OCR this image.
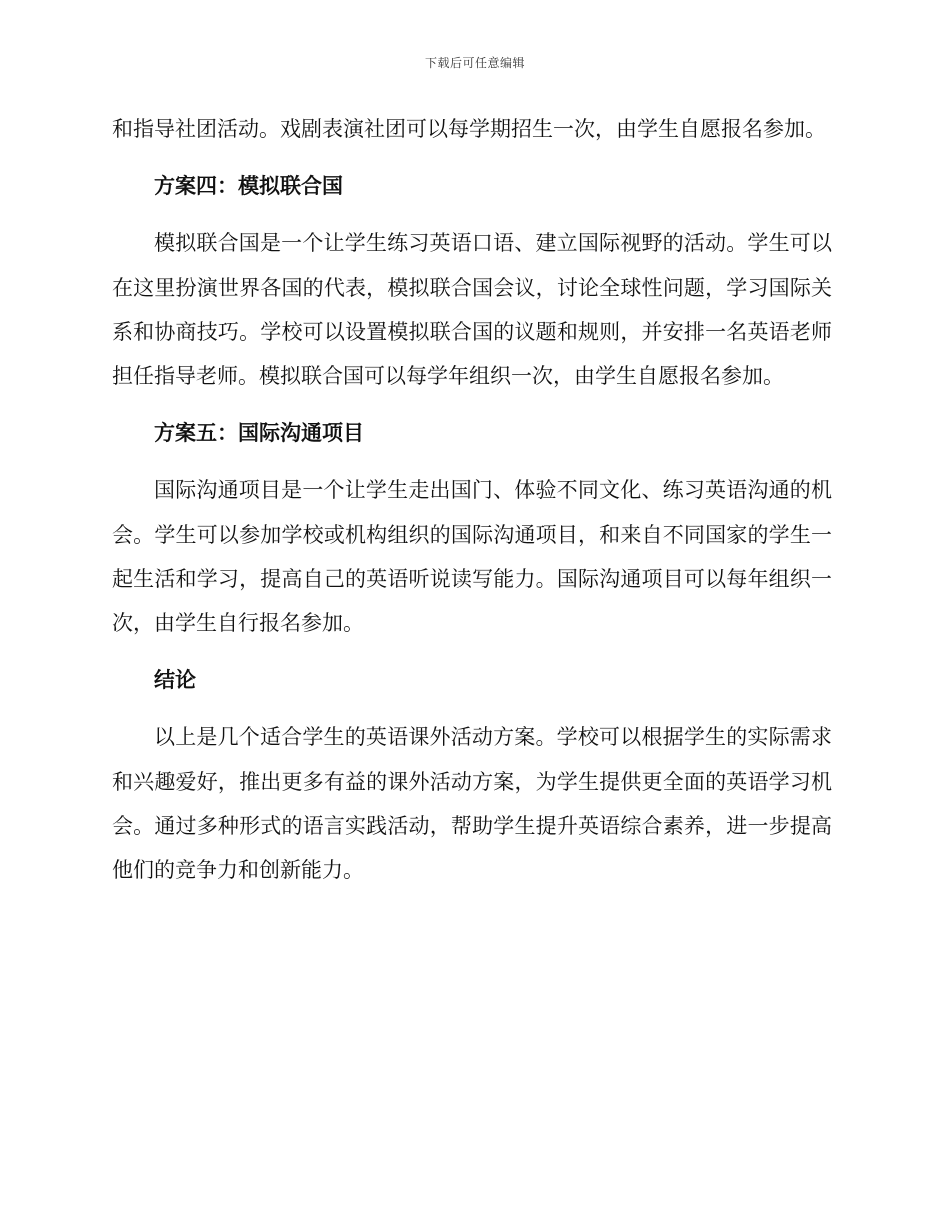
下载后可任意编辑

和指导社团活动。戏剧表演社团可以每学期招生一次，由学生自愿报名参加。

方案四：模拟联合国

模拟联合国是一个让学生练习英语口语、建立国际视野的活动。学生可以在这里扮演世界各国的代表，模拟联合国会议，讨论全球性问题，学习国际关系和协商技巧。学校可以设置模拟联合国的议题和规则，并安排一名英语老师担任指导老师。模拟联合国可以每学年组织一次，由学生自愿报名参加。

方案五：国际沟通项目

国际沟通项目是一个让学生走出国门、体验不同文化、练习英语沟通的机会。学生可以参加学校或机构组织的国际沟通项目，和来自不同国家的学生一起生活和学习，提高自己的英语听说读写能力。国际沟通项目可以每年组织一次，由学生自行报名参加。

结论

以上是几个适合学生的英语课外活动方案。学校可以根据学生的实际需求和兴趣爱好，推出更多有益的课外活动方案，为学生提供更全面的英语学习机会。通过多种形式的语言实践活动，帮助学生提升英语综合素养，进一步提高他们的竞争力和创新能力。
